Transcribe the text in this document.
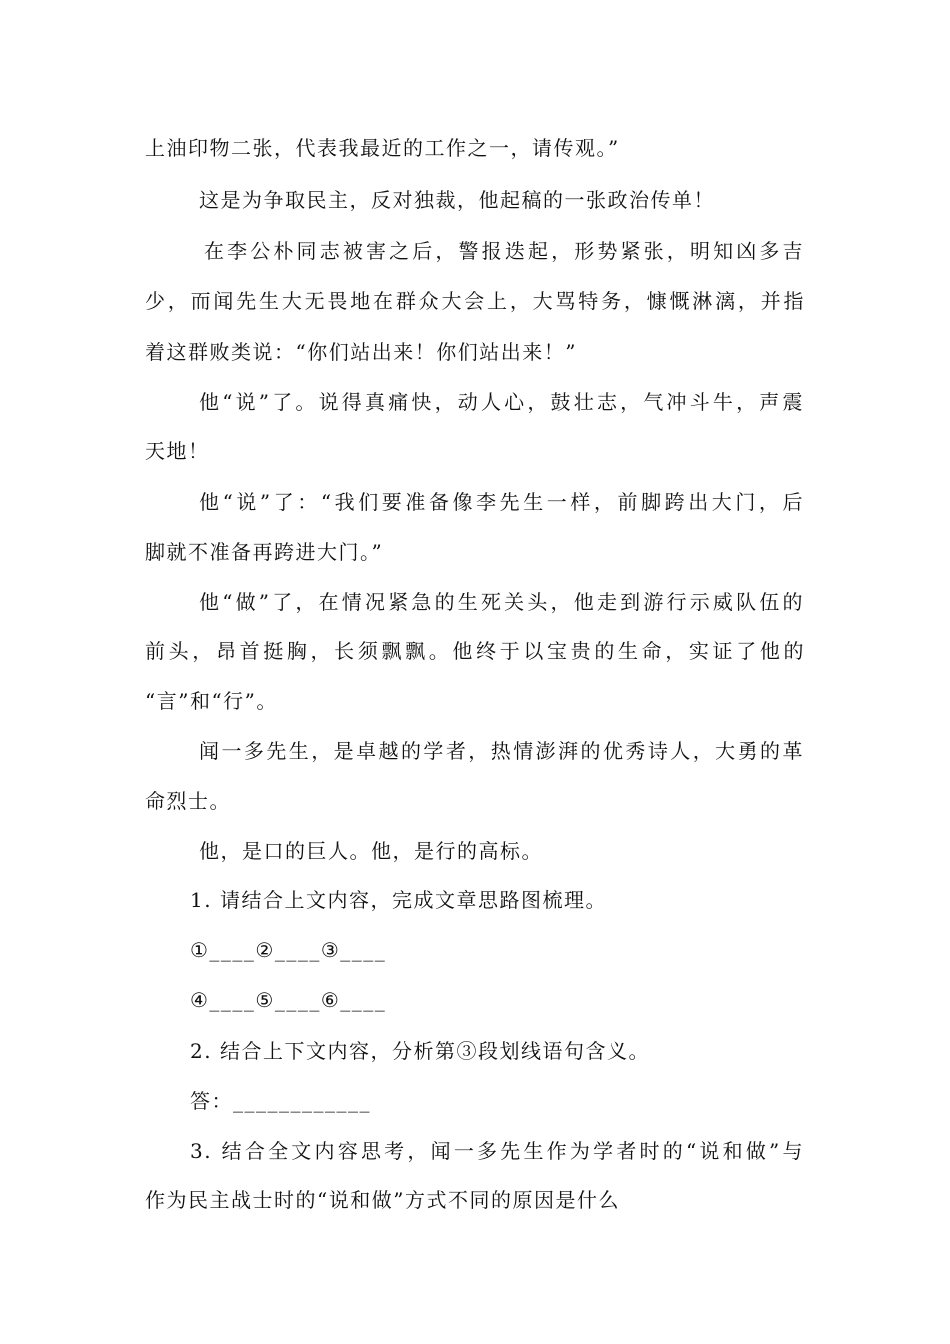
上油印物二张，代表我最近的工作之一，请传观。”
这是为争取民主，反对独裁，他起稿的一张政治传单！
在李公朴同志被害之后，警报迭起，形势紧张，明知凶多吉
少，而闻先生大无畏地在群众大会上，大骂特务，慷慨淋漓，并指
着这群败类说：“你们站出来！你们站出来！”
他“说”了。说得真痛快，动人心，鼓壮志，气冲斗牛，声震
天地！
他“说”了：“我们要准备像李先生一样，前脚跨出大门，后
脚就不准备再跨进大门。”
他“做”了，在情况紧急的生死关头，他走到游行示威队伍的
前头，昂首挺胸，长须飘飘。他终于以宝贵的生命，实证了他的
“言”和“行”。
闻一多先生，是卓越的学者，热情澎湃的优秀诗人，大勇的革
命烈士。
他，是口的巨人。他，是行的高标。
1. 请结合上文内容，完成文章思路图梳理。
①____②____③____
④____⑤____⑥____
2. 结合上下文内容，分析第③段划线语句含义。
答：____________
3. 结合全文内容思考，闻一多先生作为学者时的“说和做”与
作为民主战士时的“说和做”方式不同的原因是什么
